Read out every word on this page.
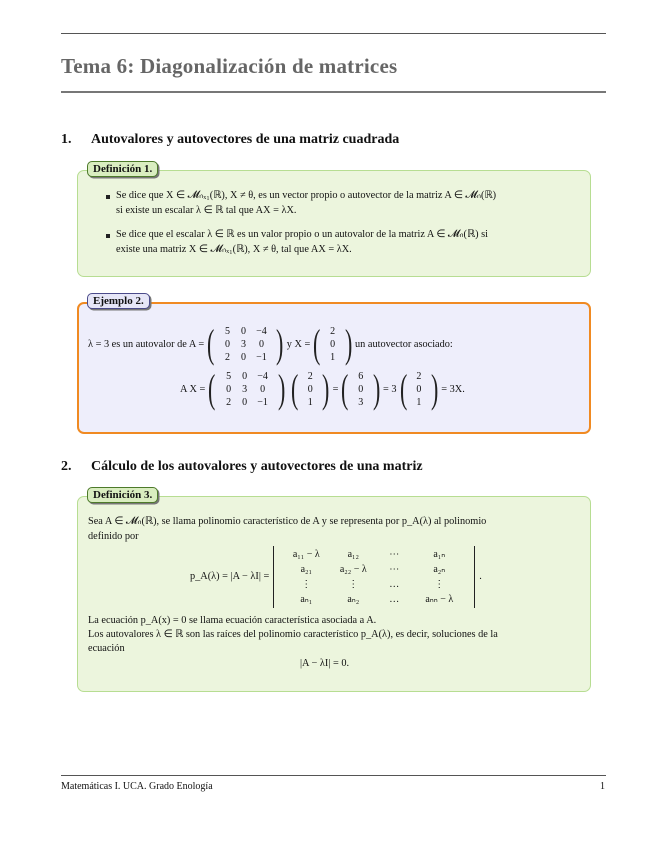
Tema 6: Diagonalización de matrices
1. Autovalores y autovectores de una matriz cuadrada
Definición 1.
Se dice que X ∈ 𝓜ₙₓ₁(ℝ), X ≠ θ, es un vector propio o autovector de la matriz A ∈ 𝓜ₙ(ℝ)
si existe un escalar λ ∈ ℝ tal que AX = λX.
Se dice que el escalar λ ∈ ℝ es un valor propio o un autovalor de la matriz A ∈ 𝓜ₙ(ℝ) si
existe una matriz X ∈ 𝓜ₙₓ₁(ℝ), X ≠ θ, tal que AX = λX.
Ejemplo 2.
λ = 3 es un autovalor de A = (	5	0	−4
0	3	0
2	0	−1 ) y X = ( 2
0
1 ) un autovector asociado:
A X = (	5	0	−4
0	3	0
2	0	−1 ) ( 2
0
1 ) = ( 6
0
3 ) = 3 ( 2
0
1 ) = 3X.
2. Cálculo de los autovalores y autovectores de una matriz
Definición 3.
Sea A ∈ 𝓜ₙ(ℝ), se llama polinomio característico de A y se representa por p_A(λ) al polinomio
definido por
p_A(λ) = |A − λI| =
a₁₁ − λ	a₁₂	⋯	a₁ₙ
a₂₁	a₂₂ − λ	⋯	a₂ₙ
⋮	⋮	…	⋮
aₙ₁	aₙ₂	…	aₙₙ − λ
.
La ecuación p_A(x) = 0 se llama ecuación característica asociada a A.
Los autovalores λ ∈ ℝ son las raíces del polinomio característico p_A(λ), es decir, soluciones de la
ecuación
|A − λI| = 0.
Matemáticas I. UCA. Grado Enología	1
